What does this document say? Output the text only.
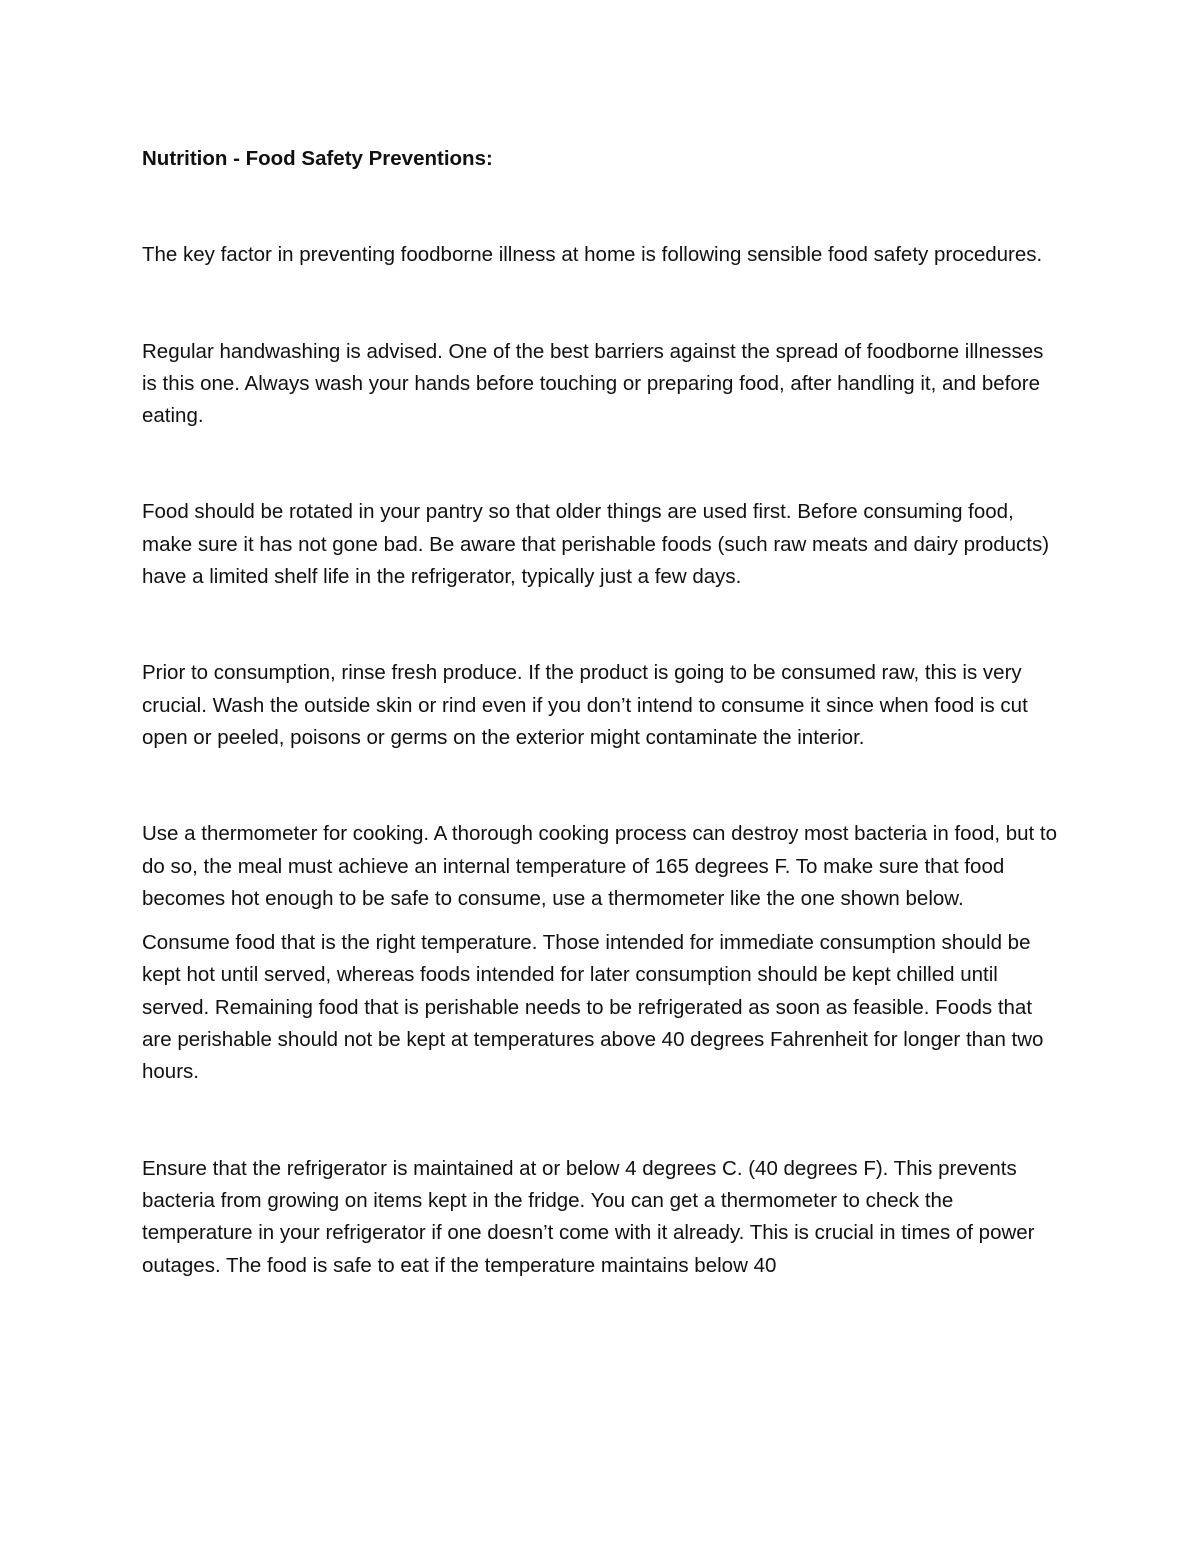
Nutrition - Food Safety Preventions:
The key factor in preventing foodborne illness at home is following sensible food safety procedures.
Regular handwashing is advised. One of the best barriers against the spread of foodborne illnesses is this one. Always wash your hands before touching or preparing food, after handling it, and before eating.
Food should be rotated in your pantry so that older things are used first. Before consuming food, make sure it has not gone bad. Be aware that perishable foods (such raw meats and dairy products) have a limited shelf life in the refrigerator, typically just a few days.
Prior to consumption, rinse fresh produce. If the product is going to be consumed raw, this is very crucial. Wash the outside skin or rind even if you don’t intend to consume it since when food is cut open or peeled, poisons or germs on the exterior might contaminate the interior.
Use a thermometer for cooking. A thorough cooking process can destroy most bacteria in food, but to do so, the meal must achieve an internal temperature of 165 degrees F. To make sure that food becomes hot enough to be safe to consume, use a thermometer like the one shown below.
Consume food that is the right temperature. Those intended for immediate consumption should be kept hot until served, whereas foods intended for later consumption should be kept chilled until served. Remaining food that is perishable needs to be refrigerated as soon as feasible. Foods that are perishable should not be kept at temperatures above 40 degrees Fahrenheit for longer than two hours.
Ensure that the refrigerator is maintained at or below 4 degrees C. (40 degrees F). This prevents bacteria from growing on items kept in the fridge. You can get a thermometer to check the temperature in your refrigerator if one doesn’t come with it already. This is crucial in times of power outages. The food is safe to eat if the temperature maintains below 40
